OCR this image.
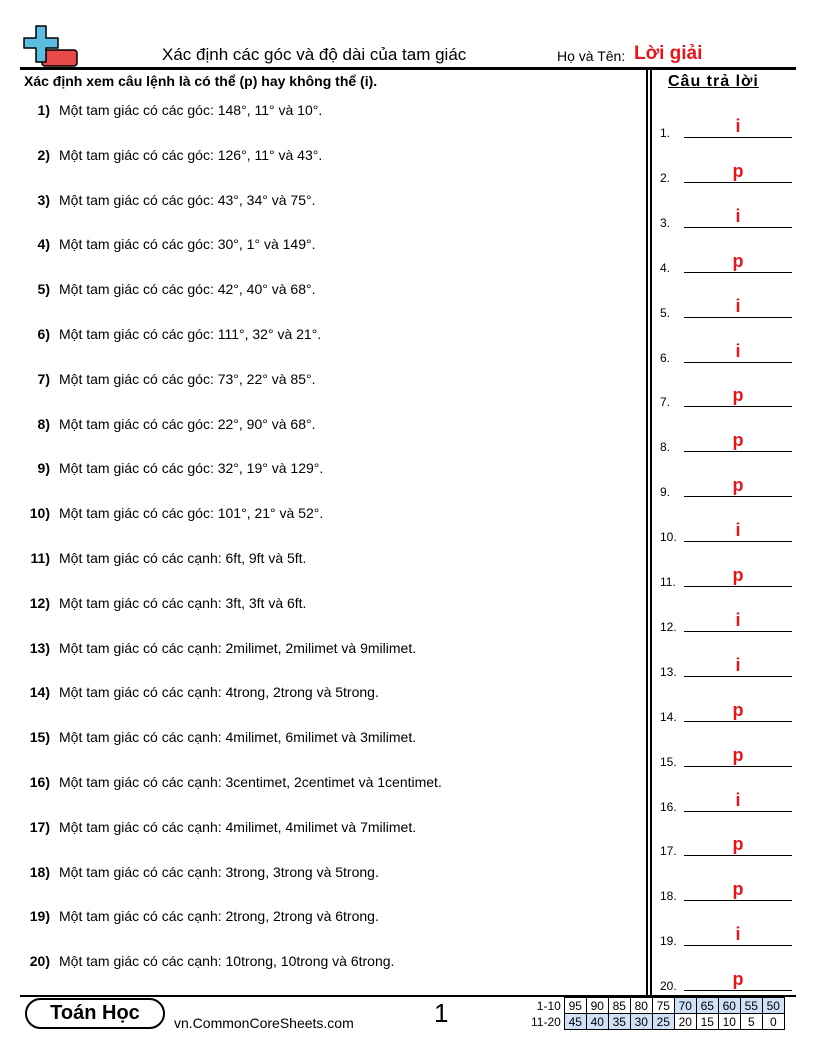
Xác định các góc và độ dài của tam giác	Họ và Tên: Lời giải
Xác định xem câu lệnh là có thể (p) hay không thể (i).	Câu trả lời
1) Một tam giác có các góc: 148°, 11° và 10°.
2) Một tam giác có các góc: 126°, 11° và 43°.
3) Một tam giác có các góc: 43°, 34° và 75°.
4) Một tam giác có các góc: 30°, 1° và 149°.
5) Một tam giác có các góc: 42°, 40° và 68°.
6) Một tam giác có các góc: 111°, 32° và 21°.
7) Một tam giác có các góc: 73°, 22° và 85°.
8) Một tam giác có các góc: 22°, 90° và 68°.
9) Một tam giác có các góc: 32°, 19° và 129°.
10) Một tam giác có các góc: 101°, 21° và 52°.
11) Một tam giác có các cạnh: 6ft, 9ft và 5ft.
12) Một tam giác có các cạnh: 3ft, 3ft và 6ft.
13) Một tam giác có các cạnh: 2milimet, 2milimet và 9milimet.
14) Một tam giác có các cạnh: 4trong, 2trong và 5trong.
15) Một tam giác có các cạnh: 4milimet, 6milimet và 3milimet.
16) Một tam giác có các cạnh: 3centimet, 2centimet và 1centimet.
17) Một tam giác có các cạnh: 4milimet, 4milimet và 7milimet.
18) Một tam giác có các cạnh: 3trong, 3trong và 5trong.
19) Một tam giác có các cạnh: 2trong, 2trong và 6trong.
20) Một tam giác có các cạnh: 10trong, 10trong và 6trong.
1.	i
2.	p
3.	i
4.	p
5.	i
6.	i
7.	p
8.	p
9.	p
10.	i
11.	p
12.	i
13.	i
14.	p
15.	p
16.	i
17.	p
18.	p
19.	i
20.	p
Toán Học	vn.CommonCoreSheets.com	1	1-10	95	90	85	80	75	70	65	60	55	50
11-20	45	40	35	30	25	20	15	10	5	0
